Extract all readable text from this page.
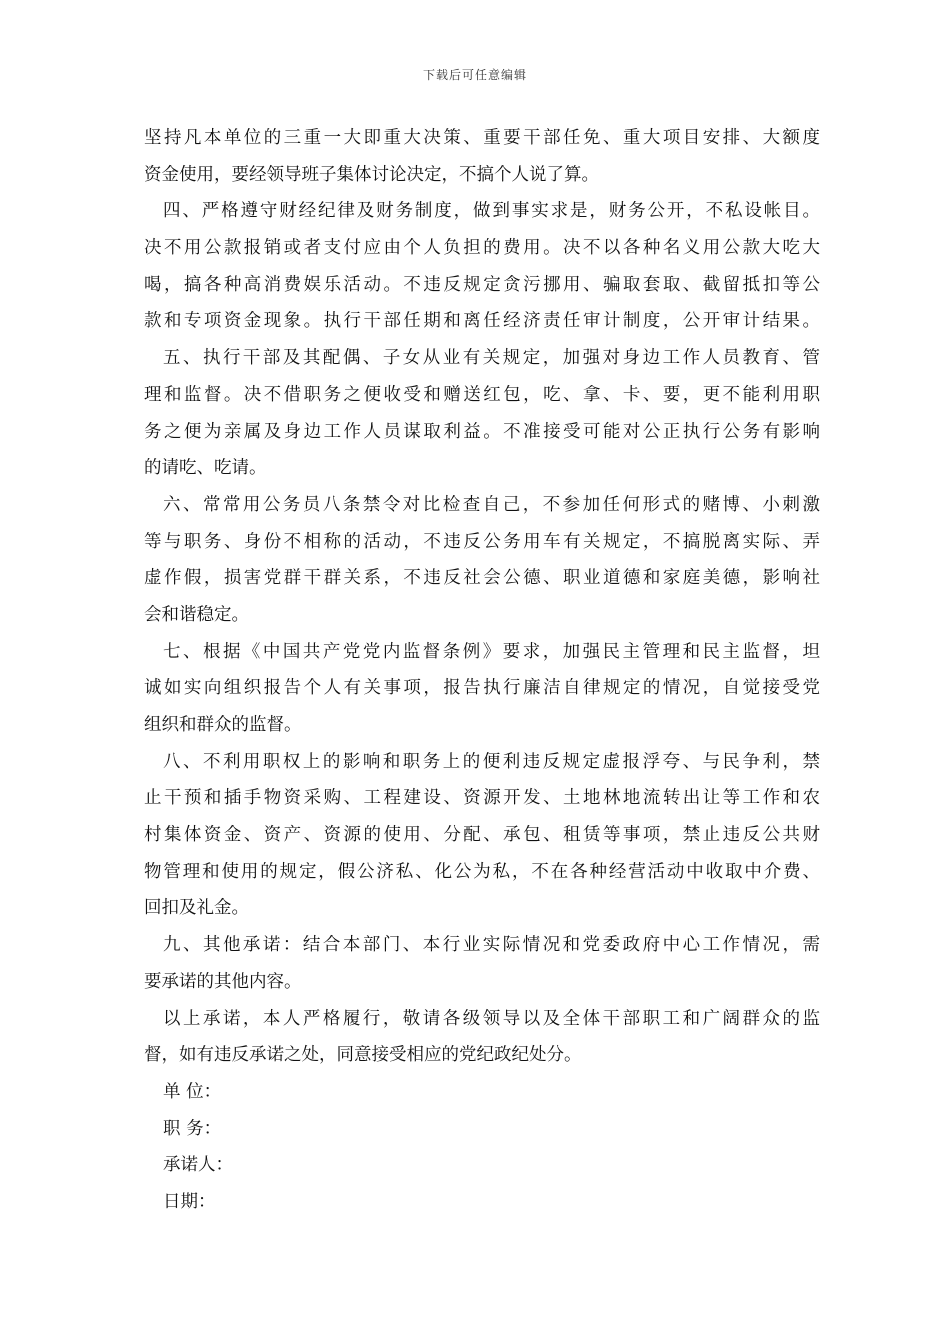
下载后可任意编辑
坚持凡本单位的三重一大即重大决策、重要干部任免、重大项目安排、大额度
资金使用，要经领导班子集体讨论决定，不搞个人说了算。
四、严格遵守财经纪律及财务制度，做到事实求是，财务公开，不私设帐目。
决不用公款报销或者支付应由个人负担的费用。决不以各种名义用公款大吃大
喝，搞各种高消费娱乐活动。不违反规定贪污挪用、骗取套取、截留抵扣等公
款和专项资金现象。执行干部任期和离任经济责任审计制度，公开审计结果。
五、执行干部及其配偶、子女从业有关规定，加强对身边工作人员教育、管
理和监督。决不借职务之便收受和赠送红包，吃、拿、卡、要，更不能利用职
务之便为亲属及身边工作人员谋取利益。不准接受可能对公正执行公务有影响
的请吃、吃请。
六、常常用公务员八条禁令对比检查自己，不参加任何形式的赌博、小刺激
等与职务、身份不相称的活动，不违反公务用车有关规定，不搞脱离实际、弄
虚作假，损害党群干群关系，不违反社会公德、职业道德和家庭美德，影响社
会和谐稳定。
七、根据《中国共产党党内监督条例》要求，加强民主管理和民主监督，坦
诚如实向组织报告个人有关事项，报告执行廉洁自律规定的情况，自觉接受党
组织和群众的监督。
八、不利用职权上的影响和职务上的便利违反规定虚报浮夸、与民争利，禁
止干预和插手物资采购、工程建设、资源开发、土地林地流转出让等工作和农
村集体资金、资产、资源的使用、分配、承包、租赁等事项，禁止违反公共财
物管理和使用的规定，假公济私、化公为私，不在各种经营活动中收取中介费、
回扣及礼金。
九、其他承诺：结合本部门、本行业实际情况和党委政府中心工作情况，需
要承诺的其他内容。
以上承诺，本人严格履行，敬请各级领导以及全体干部职工和广阔群众的监
督，如有违反承诺之处，同意接受相应的党纪政纪处分。
单 位：
职 务：
承诺人：
日期：
